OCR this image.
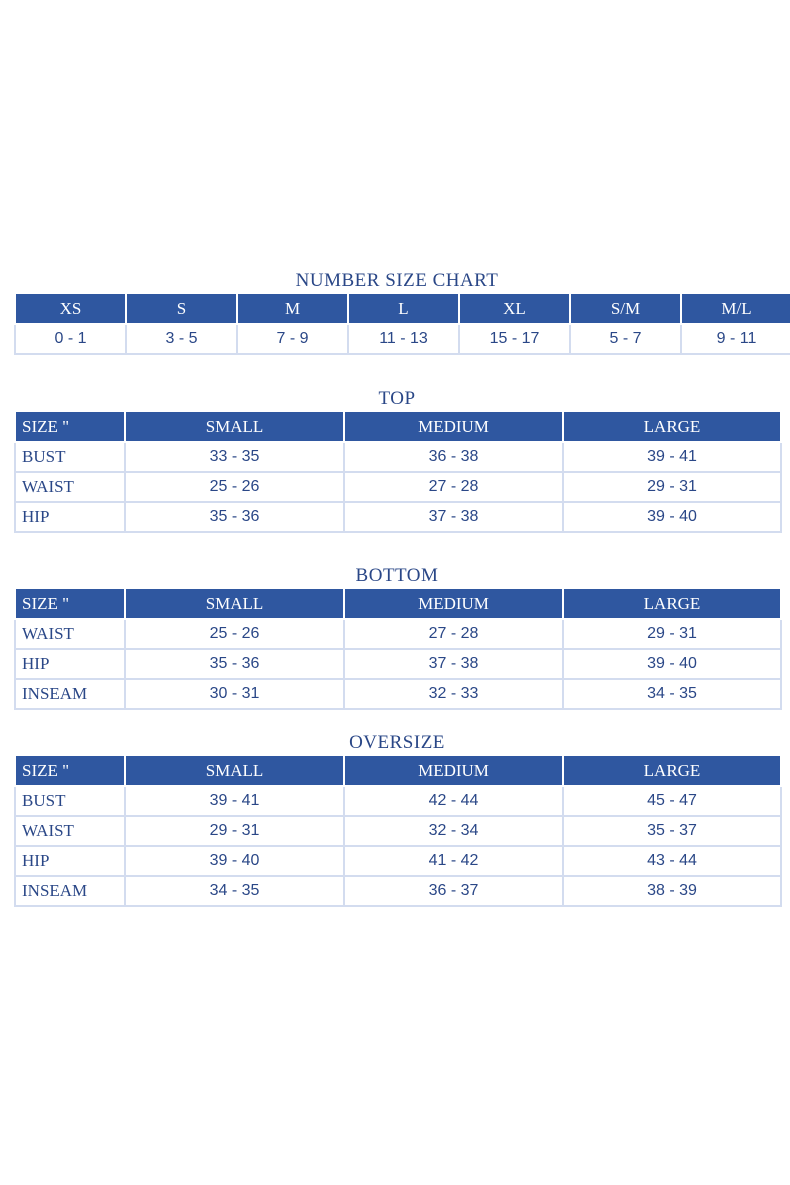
NUMBER SIZE CHART
XS	S	M	L	XL	S/M	M/L
0 - 1	3 - 5	7 - 9	11 - 13	15 - 17	5 - 7	9 - 11
TOP
SIZE "	SMALL	MEDIUM	LARGE
BUST	33 - 35	36 - 38	39 - 41
WAIST	25 - 26	27 - 28	29 - 31
HIP	35 - 36	37 - 38	39 - 40
BOTTOM
SIZE "	SMALL	MEDIUM	LARGE
WAIST	25 - 26	27 - 28	29 - 31
HIP	35 - 36	37 - 38	39 - 40
INSEAM	30 - 31	32 - 33	34 - 35
OVERSIZE
SIZE "	SMALL	MEDIUM	LARGE
BUST	39 - 41	42 - 44	45 - 47
WAIST	29 - 31	32 - 34	35 - 37
HIP	39 - 40	41 - 42	43 - 44
INSEAM	34 - 35	36 - 37	38 - 39
